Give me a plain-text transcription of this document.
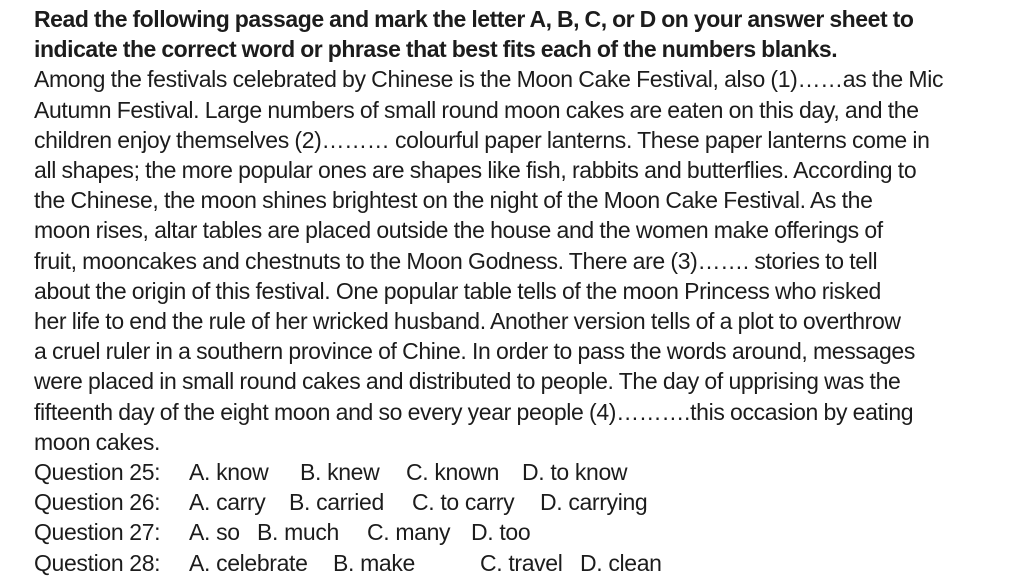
Read the following passage and mark the letter A, B, C, or D on your answer sheet to
indicate the correct word or phrase that best fits each of the numbers blanks.
Among the festivals celebrated by Chinese is the Moon Cake Festival, also (1)……as the Mic
Autumn Festival. Large numbers of small round moon cakes are eaten on this day, and the
children enjoy themselves (2)……… colourful paper lanterns. These paper lanterns come in
all shapes; the more popular ones are shapes like fish, rabbits and butterflies. According to
the Chinese, the moon shines brightest on the night of the Moon Cake Festival. As the
moon rises, altar tables are placed outside the house and the women make offerings of
fruit, mooncakes and chestnuts to the Moon Godness. There are (3)……. stories to tell
about the origin of this festival. One popular table tells of the moon Princess who risked
her life to end the rule of her wricked husband. Another version tells of a plot to overthrow
a cruel ruler in a southern province of Chine. In order to pass the words around, messages
were placed in small round cakes and distributed to people. The day of upprising was the
fifteenth day of the eight moon and so every year people (4)……….this occasion by eating
moon cakes.
Question 25: A. know B. knew C. known D. to know
Question 26: A. carry B. carried C. to carry D. carrying
Question 27: A. so B. much C. many D. too
Question 28: A. celebrate B. make	C. travel D. clean
